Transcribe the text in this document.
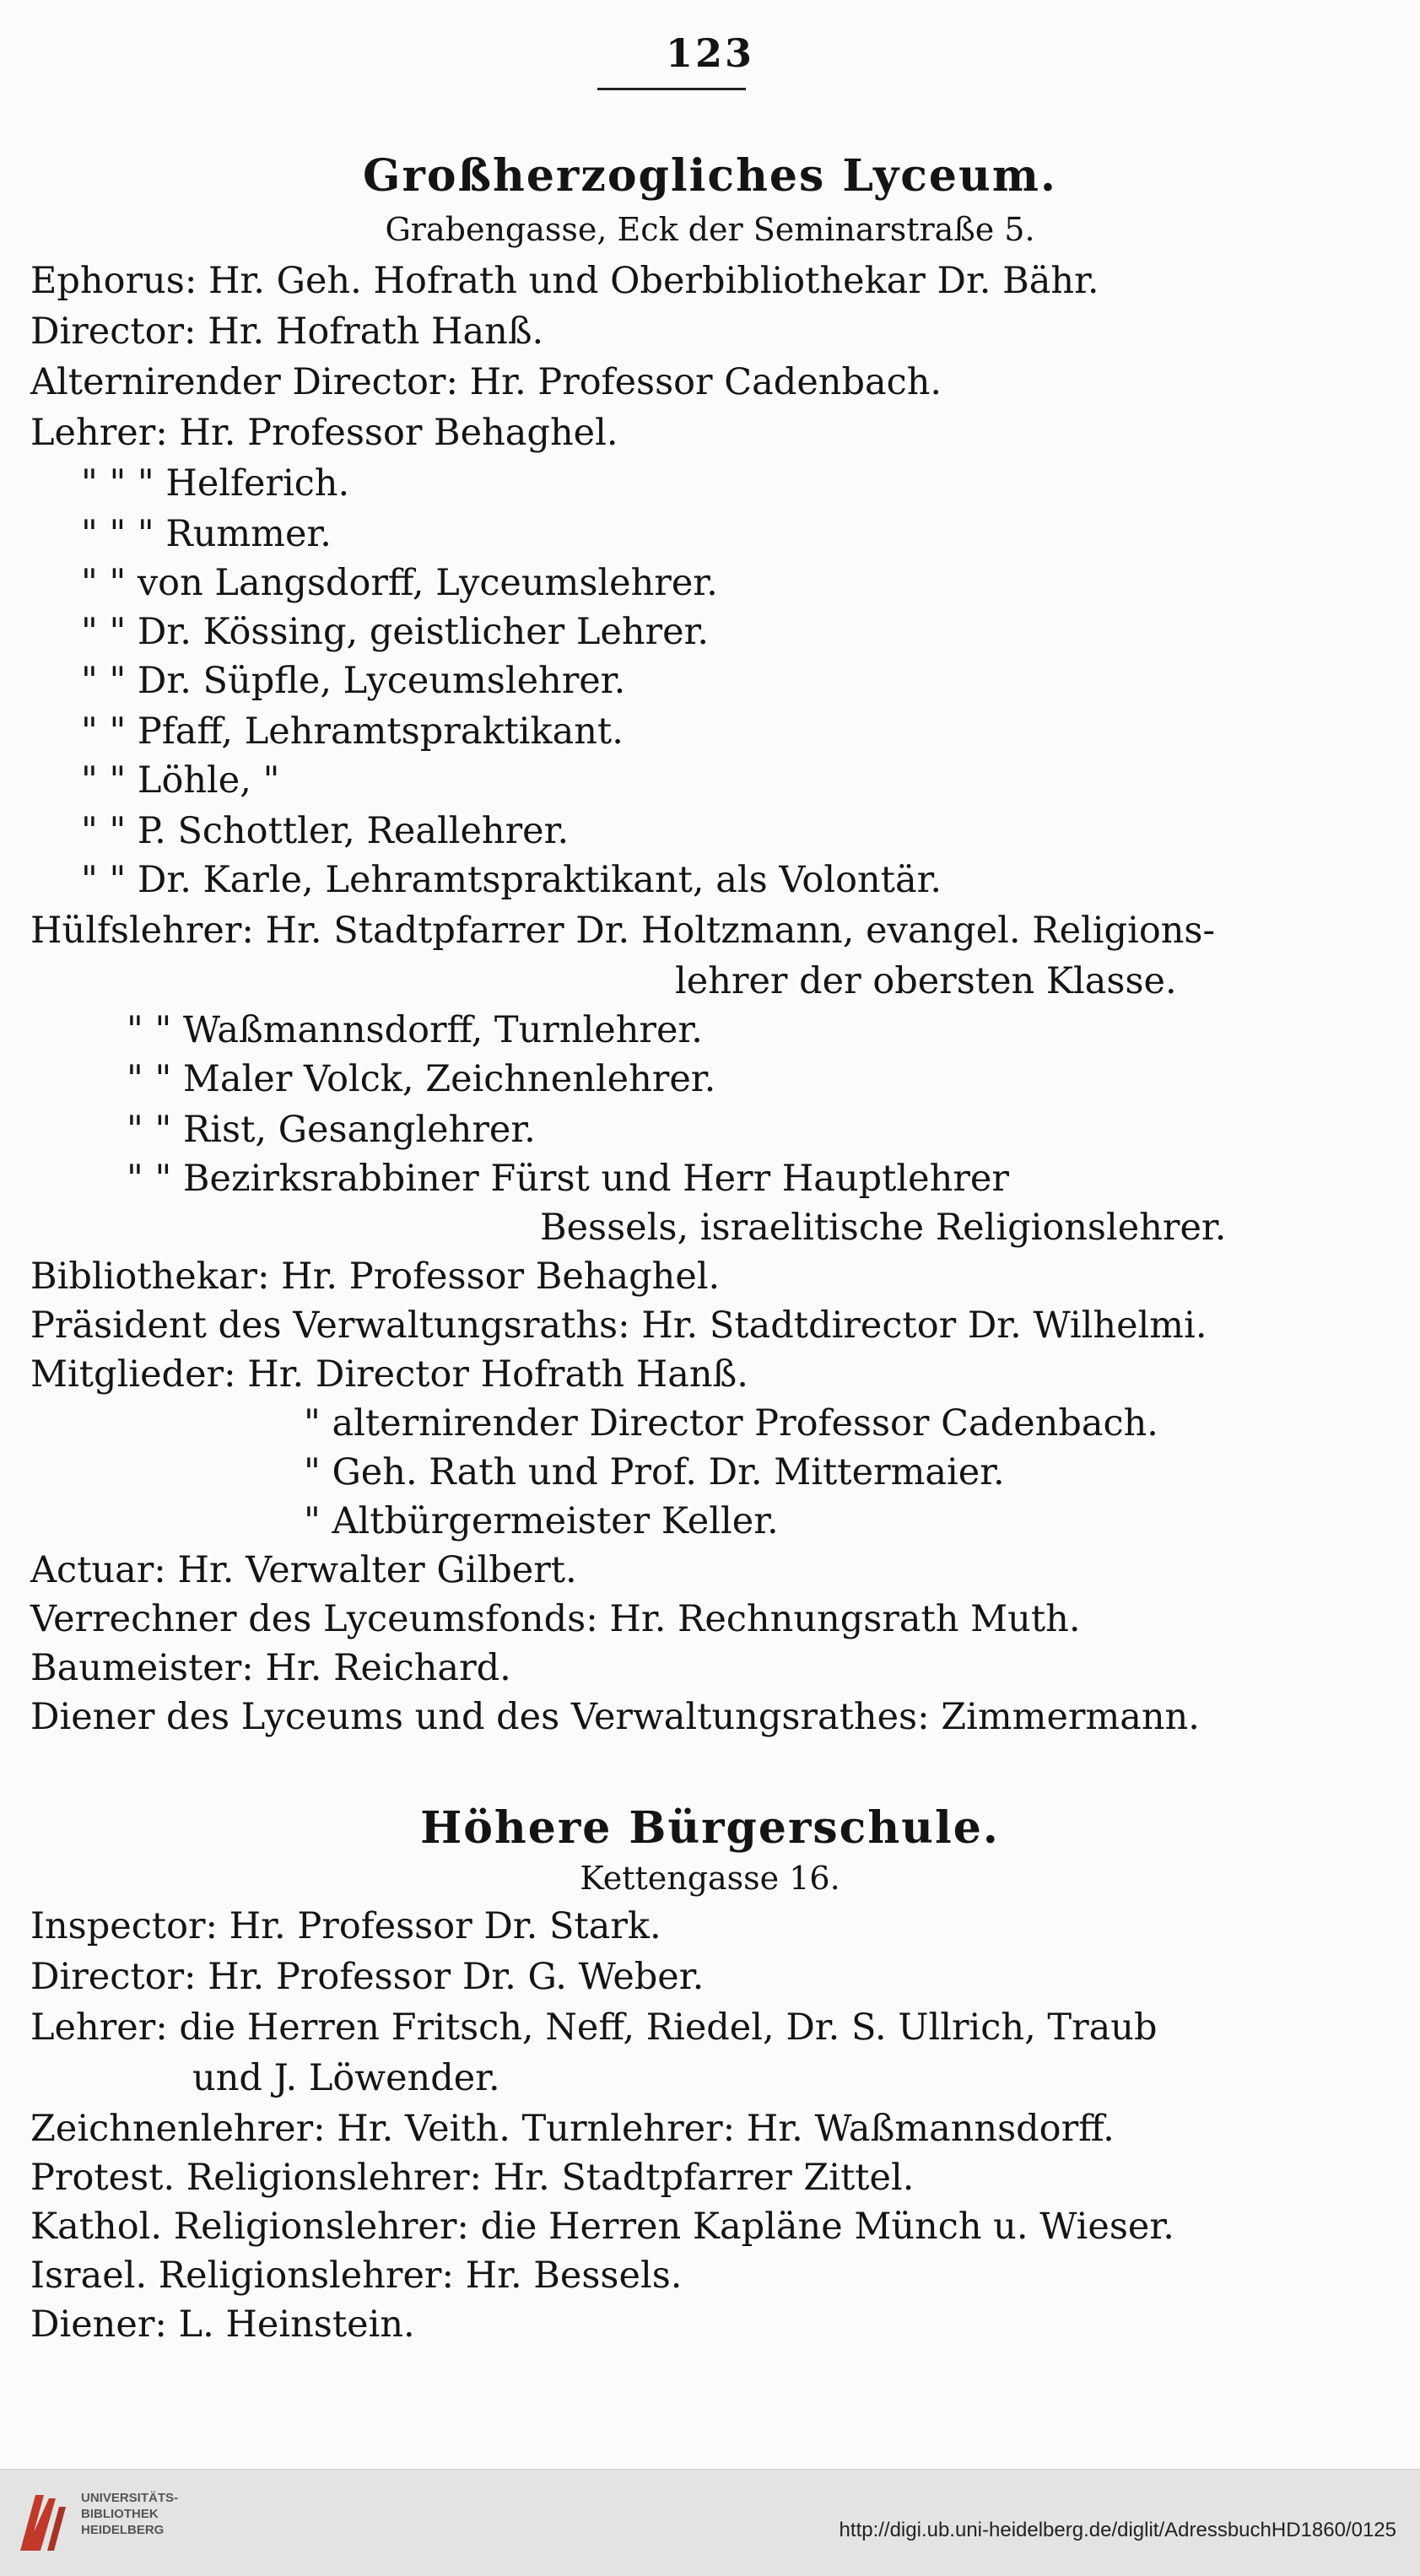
123
Großherzogliches Lyceum.
Grabengasse, Eck der Seminarstraße 5.
Ephorus: Hr. Geh. Hofrath und Oberbibliothekar Dr. Bähr.
Director: Hr. Hofrath Hanß.
Alternirender Director: Hr. Professor Cadenbach.
Lehrer: Hr. Professor Behaghel.
" " " Helferich.
" " " Rummer.
" " von Langsdorff, Lyceumslehrer.
" " Dr. Kössing, geistlicher Lehrer.
" " Dr. Süpfle, Lyceumslehrer.
" " Pfaff, Lehramtspraktikant.
" " Löhle, "
" " P. Schottler, Reallehrer.
" " Dr. Karle, Lehramtspraktikant, als Volontär.
Hülfslehrer: Hr. Stadtpfarrer Dr. Holtzmann, evangel. Religions-
lehrer der obersten Klasse.
" " Waßmannsdorff, Turnlehrer.
" " Maler Volck, Zeichnenlehrer.
" " Rist, Gesanglehrer.
" " Bezirksrabbiner Fürst und Herr Hauptlehrer
Bessels, israelitische Religionslehrer.
Bibliothekar: Hr. Professor Behaghel.
Präsident des Verwaltungsraths: Hr. Stadtdirector Dr. Wilhelmi.
Mitglieder: Hr. Director Hofrath Hanß.
" alternirender Director Professor Cadenbach.
" Geh. Rath und Prof. Dr. Mittermaier.
" Altbürgermeister Keller.
Actuar: Hr. Verwalter Gilbert.
Verrechner des Lyceumsfonds: Hr. Rechnungsrath Muth.
Baumeister: Hr. Reichard.
Diener des Lyceums und des Verwaltungsrathes: Zimmermann.
Höhere Bürgerschule.
Kettengasse 16.
Inspector: Hr. Professor Dr. Stark.
Director: Hr. Professor Dr. G. Weber.
Lehrer: die Herren Fritsch, Neff, Riedel, Dr. S. Ullrich, Traub
und J. Löwender.
Zeichnenlehrer: Hr. Veith. Turnlehrer: Hr. Waßmannsdorff.
Protest. Religionslehrer: Hr. Stadtpfarrer Zittel.
Kathol. Religionslehrer: die Herren Kapläne Münch u. Wieser.
Israel. Religionslehrer: Hr. Bessels.
Diener: L. Heinstein.
UNIVERSITÄTS-
BIBLIOTHEK
HEIDELBERG	http://digi.ub.uni-heidelberg.de/diglit/AdressbuchHD1860/0125
